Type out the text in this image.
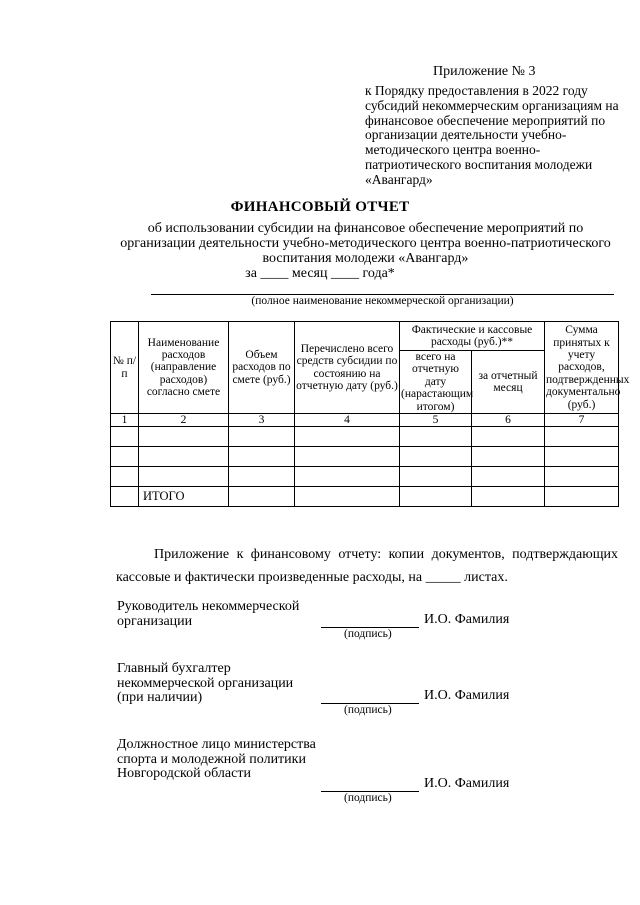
Приложение № 3
к Порядку предоставления в 2022 году субсидий некоммерческим организациям на финансовое обеспечение мероприятий по организации деятельности учебно-методического центра военно-патриотического воспитания молодежи «Авангард»
ФИНАНСОВЫЙ ОТЧЕТ
об использовании субсидии на финансовое обеспечение мероприятий по организации деятельности учебно-методического центра военно-патриотического воспитания молодежи «Авангард»
за ____ месяц ____ года*
(полное наименование некоммерческой организации)
№ п/п	Наименование расходов (направление расходов) согласно смете	Объем расходов по смете (руб.)	Перечислено всего средств субсидии по состоянию на отчетную дату (руб.)	Фактические и кассовые расходы (руб.)**		Сумма принятых к учету расходов, подтвержденных документально (руб.)
				всего на отчетную дату (нарастающим итогом)	за отчетный месяц	
1	2	3	4	5	6	7

	ИТОГО					
Приложение к финансовому отчету: копии документов, подтверждающих кассовые и фактически произведенные расходы, на _____ листах.
Руководитель некоммерческой организации	И.О. Фамилия
(подпись)
Главный бухгалтер некоммерческой организации (при наличии)	И.О. Фамилия
(подпись)
Должностное лицо министерства спорта и молодежной политики Новгородской области
И.О. Фамилия
(подпись)
